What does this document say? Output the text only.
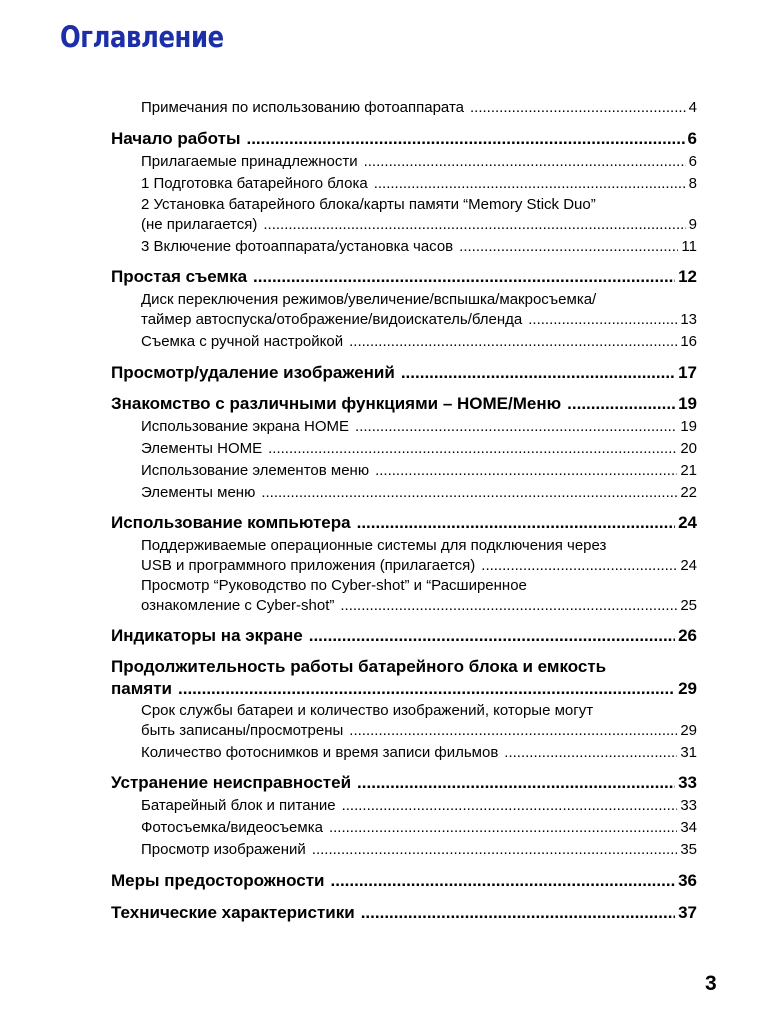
Оглавление
Примечания по использованию фотоаппарата .....	4
Начало работы .....	6
Прилагаемые принадлежности .....	6
1 Подготовка батарейного блока .....	8
2 Установка батарейного блока/карты памяти “Memory Stick Duo”
(не прилагается) .....	9
3 Включение фотоаппарата/установка часов .....	11
Простая съемка .....	12
Диск переключения режимов/увеличение/вспышка/макросъемка/
таймер автоспуска/отображение/видоискатель/бленда .....	13
Съемка с ручной настройкой .....	16
Просмотр/удаление изображений .....	17
Знакомство с различными функциями – HOME/Меню .....	19
Использование экрана HOME .....	19
Элементы HOME .....	20
Использование элементов меню .....	21
Элементы меню .....	22
Использование компьютера .....	24
Поддерживаемые операционные системы для подключения через
USB и программного приложения (прилагается) .....	24
Просмотр “Руководство по Cyber-shot” и “Расширенное
ознакомление с Cyber-shot” .....	25
Индикаторы на экране .....	26
Продолжительность работы батарейного блока и емкость
памяти .....	29
Срок службы батареи и количество изображений, которые могут
быть записаны/просмотрены .....	29
Количество фотоснимков и время записи фильмов .....	31
Устранение неисправностей .....	33
Батарейный блок и питание .....	33
Фотосъемка/видеосъемка .....	34
Просмотр изображений .....	35
Меры предосторожности .....	36
Технические характеристики .....	37
3
